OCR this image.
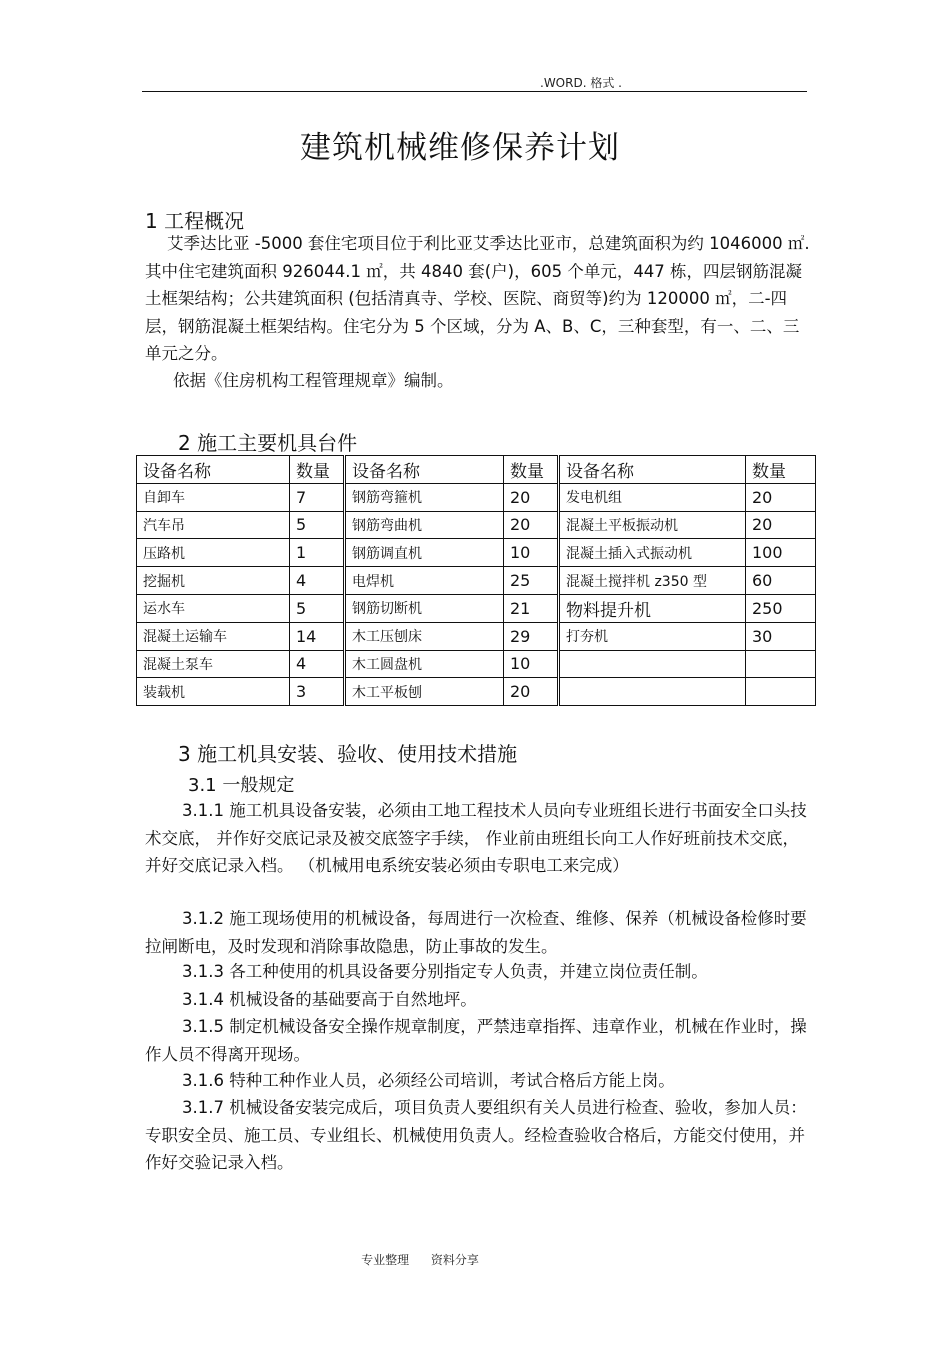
.WORD. 格式 .
建筑机械维修保养计划
1 工程概况
艾季达比亚 -5000 套住宅项目位于利比亚艾季达比亚市，总建筑面积为约 1046000 ㎡.其中住宅建筑面积 926044.1 ㎡，共 4840 套(户)，605 个单元，447 栋，四层钢筋混凝土框架结构；公共建筑面积 (包括清真寺、学校、医院、商贸等)约为 120000 ㎡，二-四层，钢筋混凝土框架结构。住宅分为 5 个区域，分为 A、B、C，三种套型，有一、二、三单元之分。
依据《住房机构工程管理规章》编制。
2 施工主要机具台件
设备名称	数量	设备名称	数量	设备名称	数量
自卸车	7	钢筋弯箍机	20	发电机组	20
汽车吊	5	钢筋弯曲机	20	混凝土平板振动机	20
压路机	1	钢筋调直机	10	混凝土插入式振动机	100
挖掘机	4	电焊机	25	混凝土搅拌机 z350 型	60
运水车	5	钢筋切断机	21	物料提升机	250
混凝土运输车	14	木工压刨床	29	打夯机	30
混凝土泵车	4	木工圆盘机	10		
装载机	3	木工平板刨	20		
3 施工机具安装、验收、使用技术措施
3.1 一般规定
3.1.1 施工机具设备安装，必须由工地工程技术人员向专业班组长进行书面安全口头技术交底， 并作好交底记录及被交底签字手续， 作业前由班组长向工人作好班前技术交底，并好交底记录入档。 （机械用电系统安装必须由专职电工来完成）
3.1.2 施工现场使用的机械设备，每周进行一次检查、维修、保养（机械设备检修时要拉闸断电，及时发现和消除事故隐患，防止事故的发生。
3.1.3 各工种使用的机具设备要分别指定专人负责，并建立岗位责任制。
3.1.4 机械设备的基础要高于自然地坪。
3.1.5 制定机械设备安全操作规章制度，严禁违章指挥、违章作业，机械在作业时，操作人员不得离开现场。
3.1.6 特种工种作业人员，必须经公司培训，考试合格后方能上岗。
3.1.7 机械设备安装完成后，项目负责人要组织有关人员进行检查、验收，参加人员：专职安全员、施工员、专业组长、机械使用负责人。经检查验收合格后，方能交付使用，并作好交验记录入档。
专业整理 资料分享
